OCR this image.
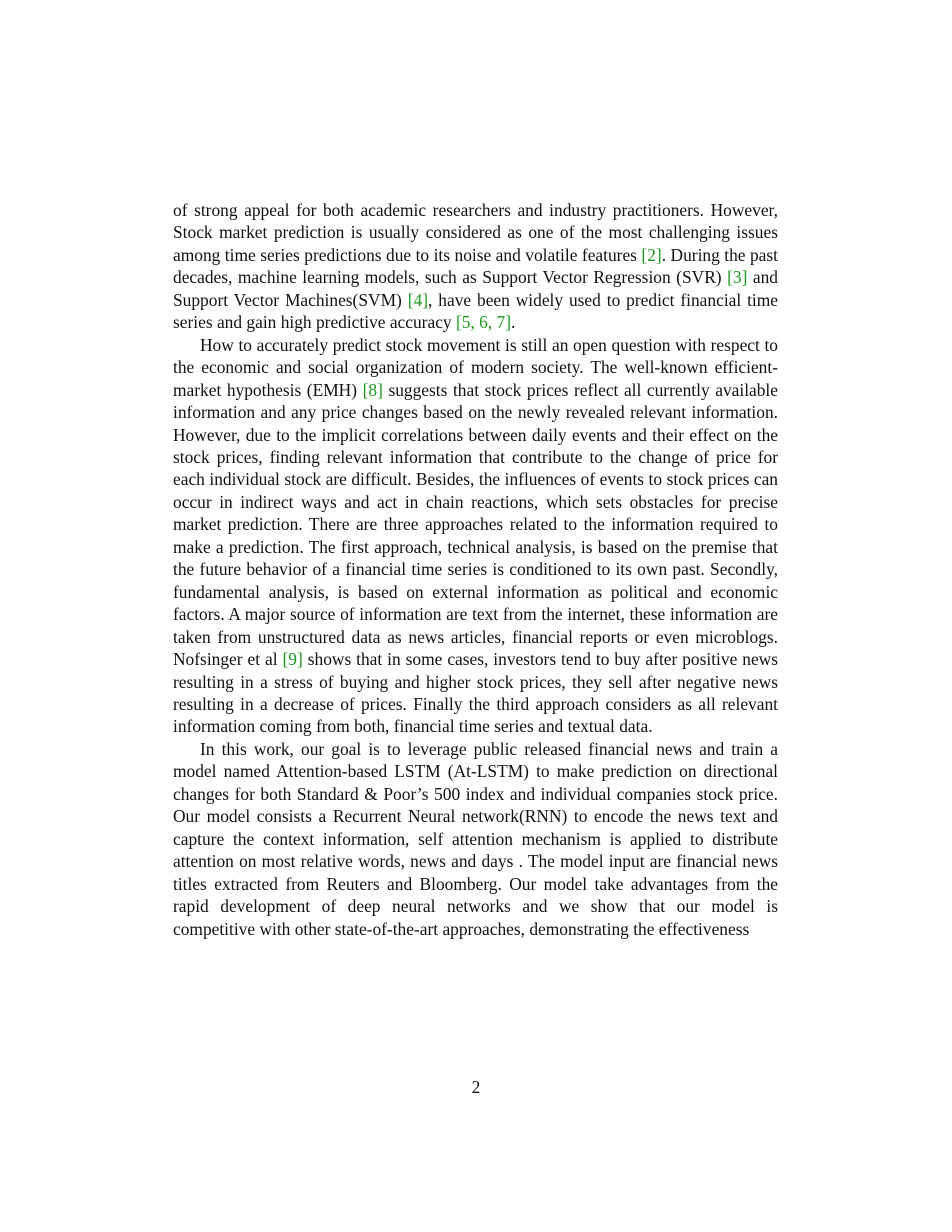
of strong appeal for both academic researchers and industry practitioners. However, Stock market prediction is usually considered as one of the most challenging issues among time series predictions due to its noise and volatile features [2]. During the past decades, machine learning models, such as Support Vector Regression (SVR) [3] and Support Vector Machines(SVM) [4], have been widely used to predict financial time series and gain high predictive accuracy [5, 6, 7].

How to accurately predict stock movement is still an open question with respect to the economic and social organization of modern society. The well-known efficient-market hypothesis (EMH) [8] suggests that stock prices reflect all currently available information and any price changes based on the newly revealed relevant information. However, due to the implicit correlations between daily events and their effect on the stock prices, finding relevant information that contribute to the change of price for each individual stock are difficult. Besides, the influences of events to stock prices can occur in indirect ways and act in chain reactions, which sets obstacles for precise market prediction. There are three approaches related to the information required to make a prediction. The first approach, technical analysis, is based on the premise that the future behavior of a financial time series is conditioned to its own past. Secondly, fundamental analysis, is based on external information as political and economic factors. A major source of information are text from the internet, these information are taken from unstructured data as news articles, financial reports or even microblogs. Nofsinger et al [9] shows that in some cases, investors tend to buy after positive news resulting in a stress of buying and higher stock prices, they sell after negative news resulting in a decrease of prices. Finally the third approach considers as all relevant information coming from both, financial time series and textual data.

In this work, our goal is to leverage public released financial news and train a model named Attention-based LSTM (At-LSTM) to make prediction on directional changes for both Standard & Poor’s 500 index and individual companies stock price. Our model consists a Recurrent Neural network(RNN) to encode the news text and capture the context information, self attention mechanism is applied to distribute attention on most relative words, news and days . The model input are financial news titles extracted from Reuters and Bloomberg. Our model take advantages from the rapid development of deep neural networks and we show that our model is competitive with other state-of-the-art approaches, demonstrating the effectiveness

2
